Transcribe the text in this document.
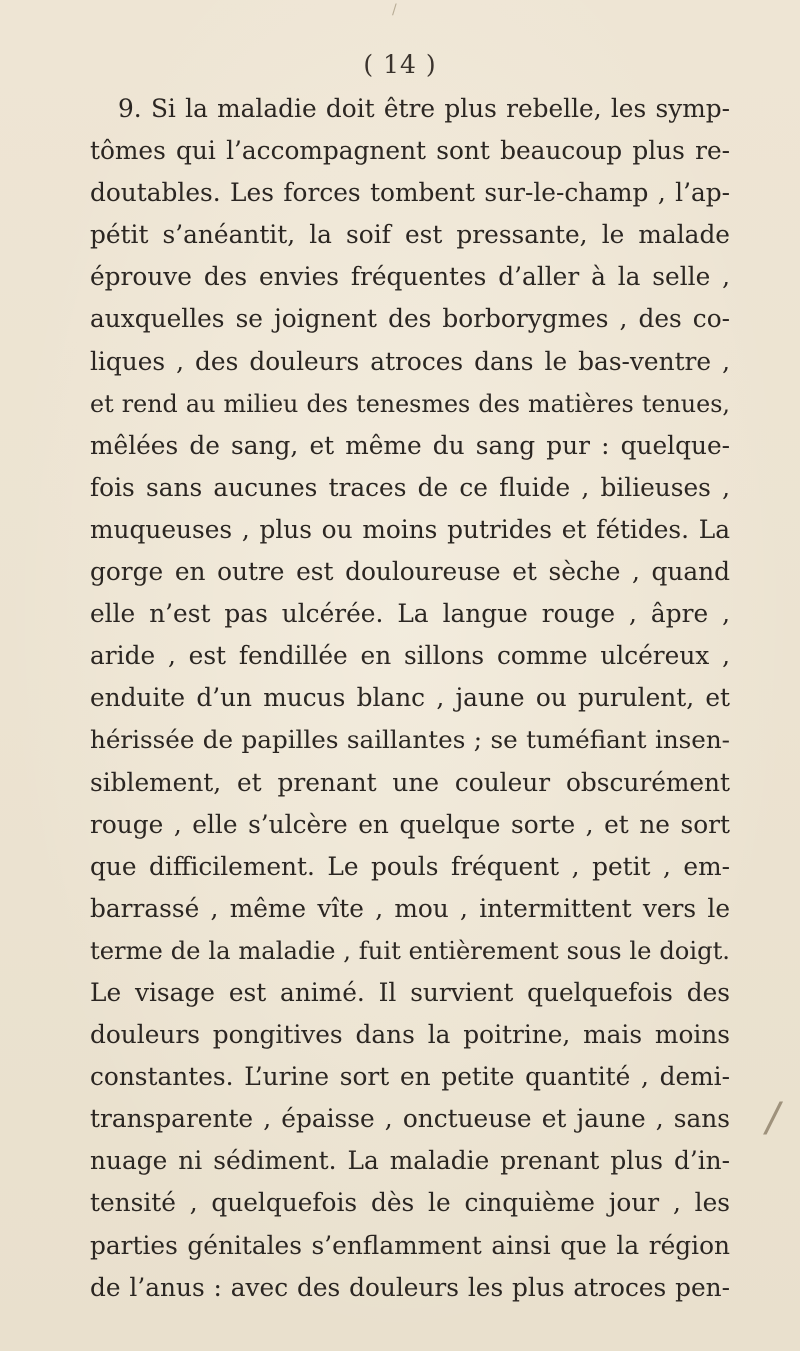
/
( 14 )
9. Si la maladie doit être plus rebelle, les symp-
tômes qui l’accompagnent sont beaucoup plus re-
doutables. Les forces tombent sur-le-champ , l’ap-
pétit s’anéantit, la soif est pressante, le malade
éprouve des envies fréquentes d’aller à la selle ,
auxquelles se joignent des borborygmes , des co-
liques , des douleurs atroces dans le bas-ventre ,
et rend au milieu des tenesmes des matières tenues,
mêlées de sang, et même du sang pur : quelque-
fois sans aucunes traces de ce fluide , bilieuses ,
muqueuses , plus ou moins putrides et fétides. La
gorge en outre est douloureuse et sèche , quand
elle n’est pas ulcérée. La langue rouge , âpre ,
aride , est fendillée en sillons comme ulcéreux ,
enduite d’un mucus blanc , jaune ou purulent, et
hérissée de papilles saillantes ; se tuméfiant insen-
siblement, et prenant une couleur obscurément
rouge , elle s’ulcère en quelque sorte , et ne sort
que difficilement. Le pouls fréquent , petit , em-
barrassé , même vîte , mou , intermittent vers le
terme de la maladie , fuit entièrement sous le doigt.
Le visage est animé. Il survient quelquefois des
douleurs pongitives dans la poitrine, mais moins
constantes. L’urine sort en petite quantité , demi-
transparente , épaisse , onctueuse et jaune , sans
nuage ni sédiment. La maladie prenant plus d’in-
tensité , quelquefois dès le cinquième jour , les
parties génitales s’enflamment ainsi que la région
de l’anus : avec des douleurs les plus atroces pen-
/
